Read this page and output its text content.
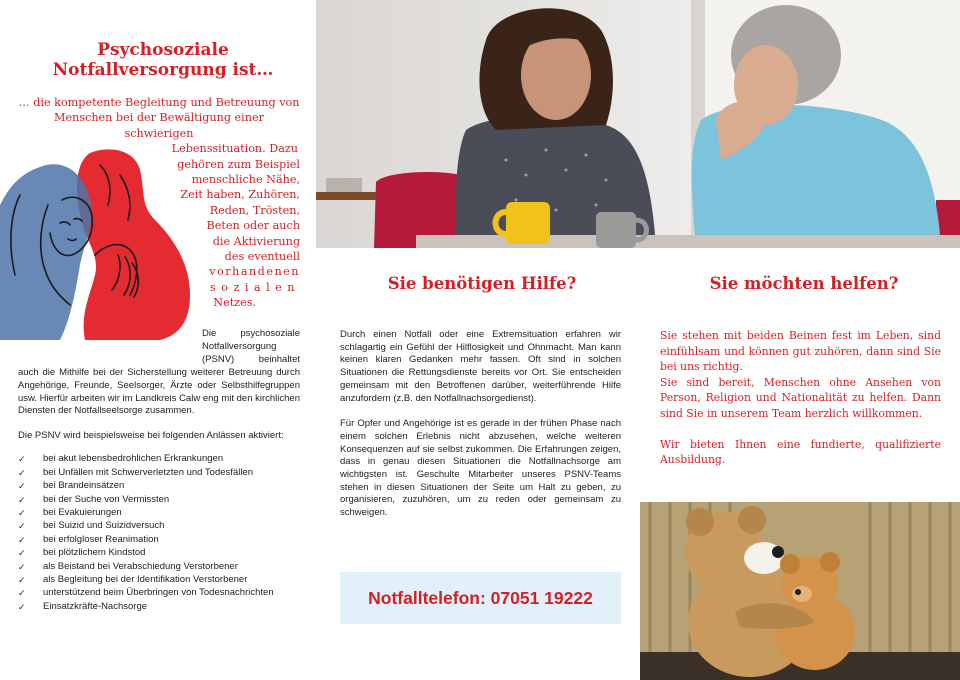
Psychosoziale
Notfallversorgung ist…
… die kompetente Begleitung und Betreuung von
Menschen bei der Bewältigung einer schwierigen
Lebenssituation. Dazu
gehören zum Beispiel
menschliche Nähe,
Zeit haben, Zuhören,
Reden, Trösten,
Beten oder auch
die Aktivierung
des eventuell
vorhandenen
sozialen
Netzes.
Die psychosoziale
Notfallversorgung
(PSNV) beinhaltet

auch die Mithilfe bei der Sicherstellung weiterer Betreuung durch Angehörige, Freunde, Seelsorger, Ärzte oder Selbsthilfegruppen usw. Hierfür arbeiten wir im Landkreis Calw eng mit den kirchlichen Diensten der Notfallseelsorge zusammen.

Die PSNV wird beispielsweise bei folgenden Anlässen aktiviert:

✓	bei akut lebensbedrohlichen Erkrankungen
✓	bei Unfällen mit Schwerverletzten und Todesfällen
✓	bei Brandeinsätzen
✓	bei der Suche von Vermissten
✓	bei Evakuierungen
✓	bei Suizid und Suizidversuch
✓	bei erfolgloser Reanimation
✓	bei plötzlichem Kindstod
✓	als Beistand bei Verabschiedung Verstorbener
✓	als Begleitung bei der Identifikation Verstorbener
✓	unterstützend beim Überbringen von Todesnachrichten
✓	Einsatzkräfte-Nachsorge
Sie benötigen Hilfe?

Durch einen Notfall oder eine Extremsituation erfahren wir schlagartig ein Gefühl der Hilflosigkeit und Ohnmacht. Man kann keinen klaren Gedanken mehr fassen. Oft sind in solchen Situationen die Rettungsdienste bereits vor Ort. Sie entscheiden gemeinsam mit den Betroffenen darüber, weiterführende Hilfe anzufordern (z.B. den Notfallnachsorgedienst).

Für Opfer und Angehörige ist es gerade in der frühen Phase nach einem solchen Erlebnis nicht abzusehen, welche weiteren Konsequenzen auf sie selbst zukommen. Die Erfahrungen zeigen, dass in genau diesen Situationen die Notfallnachsorge am wichtigsten ist. Geschulte Mitarbeiter unseres PSNV-Teams stehen in diesen Situationen der Seite um Halt zu geben, zu organisieren, zuzuhören, um zu reden oder gemeinsam zu schweigen.

Notfalltelefon: 07051 19222
Sie möchten helfen?
Sie stehen mit beiden Beinen fest im Leben, sind einfühlsam und können gut zuhören, dann sind Sie bei uns richtig.

Sie sind bereit, Menschen ohne Ansehen von Person, Religion und Nationalität zu helfen. Dann sind Sie in unserem Team herzlich willkommen.

Wir bieten Ihnen eine fundierte, qualifizierte Ausbildung.
